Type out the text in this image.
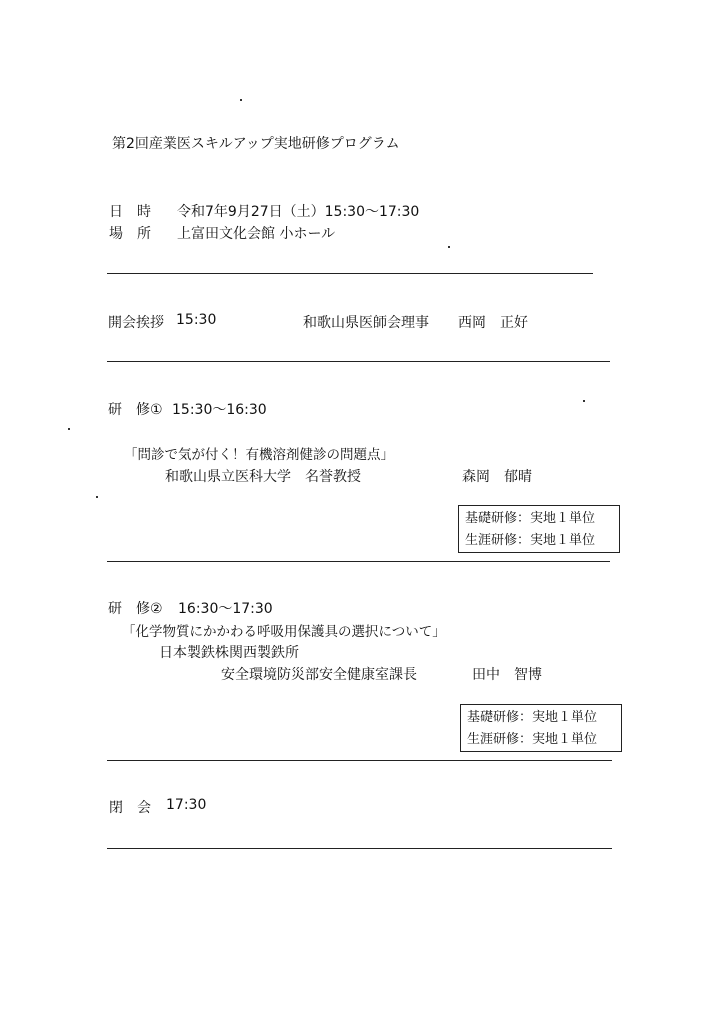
第2回産業医スキルアップ実地研修プログラム
日　時 令和7年9月27日（土）15:30〜17:30
場　所 上富田文化会館 小ホール
開会挨拶 15:30	和歌山県医師会理事 西岡　正好
研　修① 15:30〜16:30
「問診で気が付く！有機溶剤健診の問題点」
和歌山県立医科大学　名誉教授	森岡　郁晴
基礎研修：実地１単位
生涯研修：実地１単位
研　修② 16:30〜17:30
「化学物質にかかわる呼吸用保護具の選択について」
日本製鉄株関西製鉄所
安全環境防災部安全健康室課長	田中　智博
基礎研修：実地１単位
生涯研修：実地１単位
閉　会 17:30
